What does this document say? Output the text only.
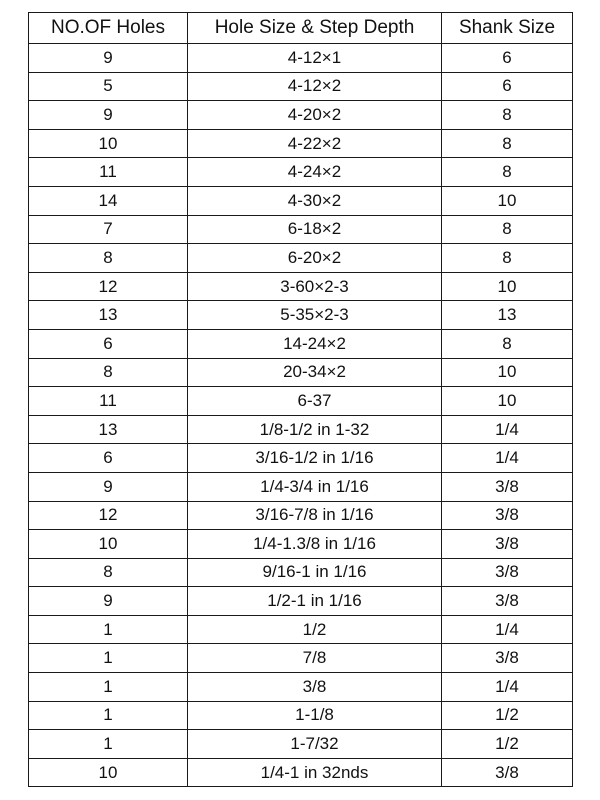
NO.OF Holes	Hole Size & Step Depth	Shank Size
9	4-12×1	6
5	4-12×2	6
9	4-20×2	8
10	4-22×2	8
11	4-24×2	8
14	4-30×2	10
7	6-18×2	8
8	6-20×2	8
12	3-60×2-3	10
13	5-35×2-3	13
6	14-24×2	8
8	20-34×2	10
11	6-37	10
13	1/8-1/2 in 1-32	1/4
6	3/16-1/2 in 1/16	1/4
9	1/4-3/4 in 1/16	3/8
12	3/16-7/8 in 1/16	3/8
10	1/4-1.3/8 in 1/16	3/8
8	9/16-1 in 1/16	3/8
9	1/2-1 in 1/16	3/8
1	1/2	1/4
1	7/8	3/8
1	3/8	1/4
1	1-1/8	1/2
1	1-7/32	1/2
10	1/4-1 in 32nds	3/8
